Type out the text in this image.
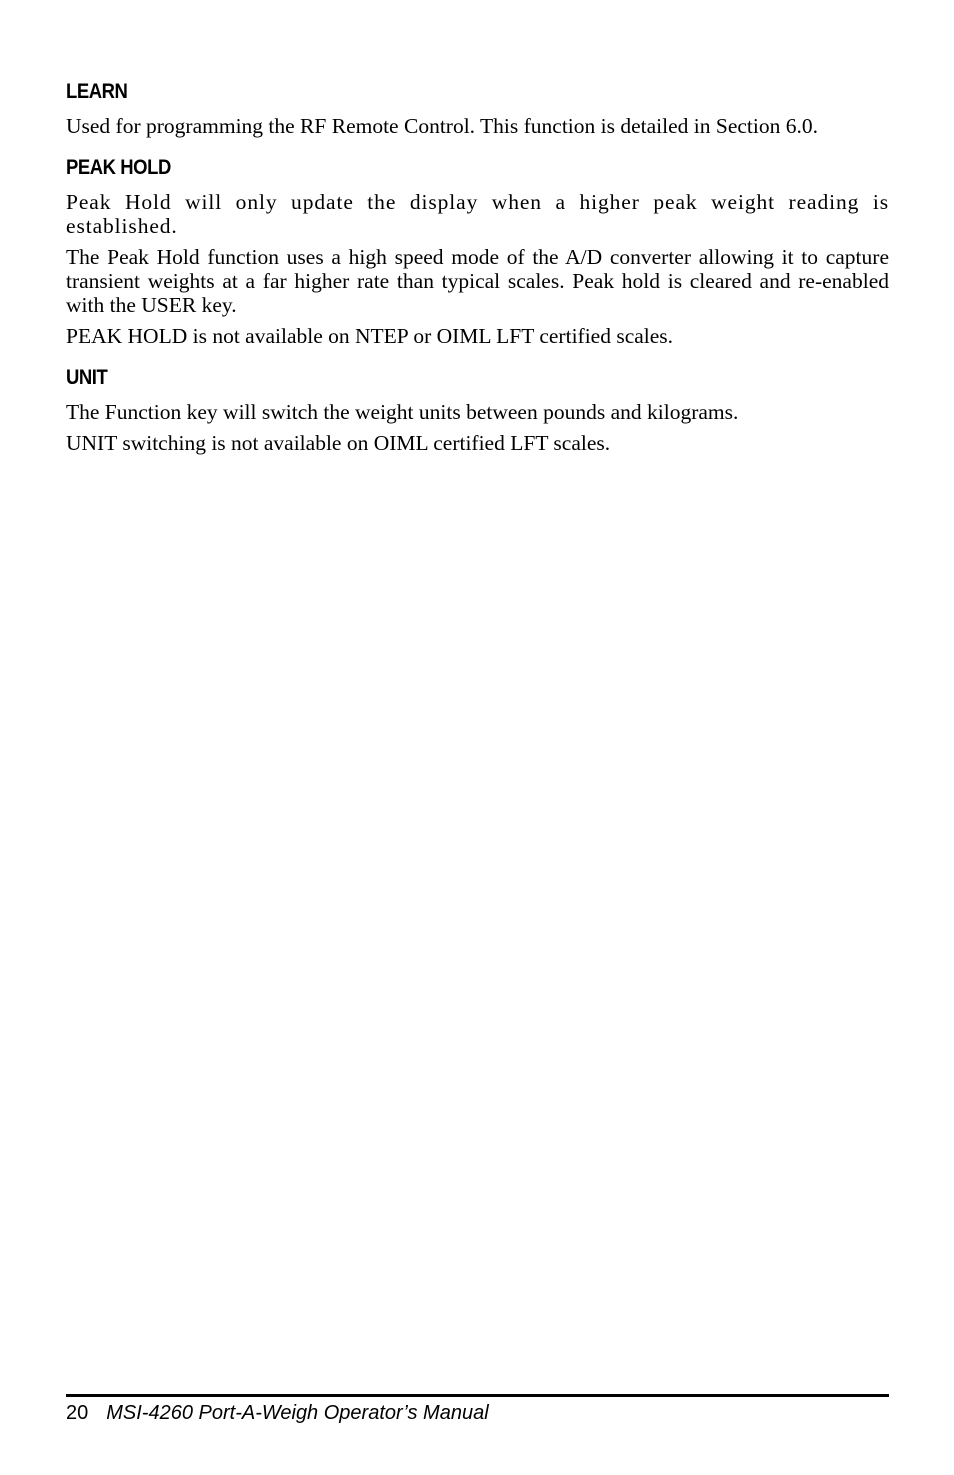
LEARN

Used for programming the RF Remote Control. This function is detailed in Section 6.0.

PEAK HOLD

Peak Hold will only update the display when a higher peak weight reading is established.

The Peak Hold function uses a high speed mode of the A/D converter allowing it to capture transient weights at a far higher rate than typical scales. Peak hold is cleared and re-enabled with the USER key.

PEAK HOLD is not available on NTEP or OIML LFT certified scales.

UNIT

The Function key will switch the weight units between pounds and kilograms.

UNIT switching is not available on OIML certified LFT scales.

20 MSI-4260 Port-A-Weigh Operator’s Manual
